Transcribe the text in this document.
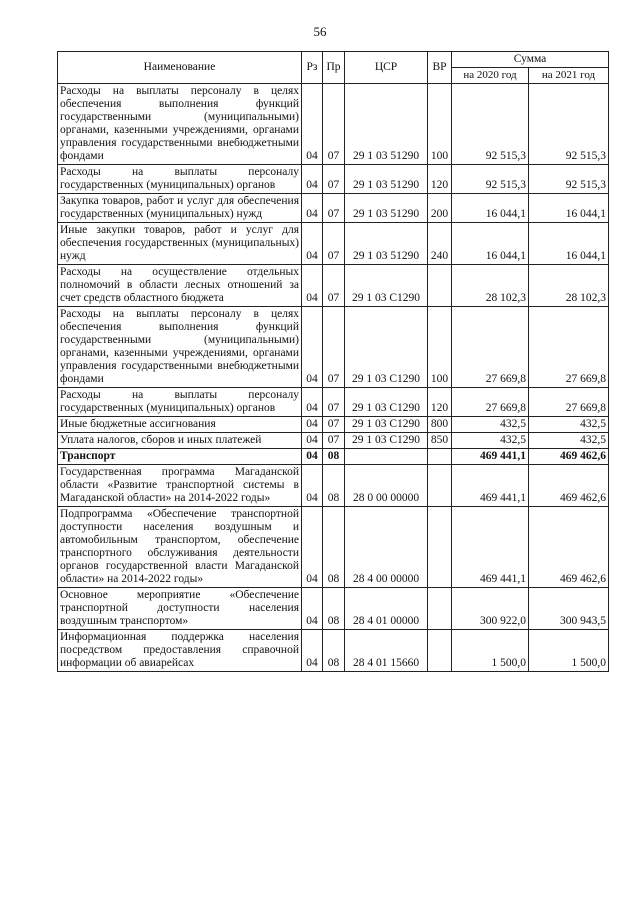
56
Наименование	Рз	Пр	ЦСР	ВР	Сумма	
					на 2020 год	на 2021 год
Расходы на выплаты персоналу в целях обеспечения выполнения функций государственными (муниципальными) органами, казенными учреждениями, органами управления государственными внебюджетными фондами	04	07	29 1 03 51290	100	92 515,3	92 515,3
Расходы на выплаты персоналу государственных (муниципальных) органов	04	07	29 1 03 51290	120	92 515,3	92 515,3
Закупка товаров, работ и услуг для обеспечения государственных (муниципальных) нужд	04	07	29 1 03 51290	200	16 044,1	16 044,1
Иные закупки товаров, работ и услуг для обеспечения государственных (муниципальных) нужд	04	07	29 1 03 51290	240	16 044,1	16 044,1
Расходы на осуществление отдельных полномочий в области лесных отношений за счет средств областного бюджета	04	07	29 1 03 С1290		28 102,3	28 102,3
Расходы на выплаты персоналу в целях обеспечения выполнения функций государственными (муниципальными) органами, казенными учреждениями, органами управления государственными внебюджетными фондами	04	07	29 1 03 С1290	100	27 669,8	27 669,8
Расходы на выплаты персоналу государственных (муниципальных) органов	04	07	29 1 03 С1290	120	27 669,8	27 669,8
Иные бюджетные ассигнования	04	07	29 1 03 С1290	800	432,5	432,5
Уплата налогов, сборов и иных платежей	04	07	29 1 03 С1290	850	432,5	432,5
Транспорт	04	08			469 441,1	469 462,6
Государственная программа Магаданской области «Развитие транспортной системы в Магаданской области» на 2014-2022 годы»	04	08	28 0 00 00000		469 441,1	469 462,6
Подпрограмма «Обеспечение транспортной доступности населения воздушным и автомобильным транспортом, обеспечение транспортного обслуживания деятельности органов государственной власти Магаданской области» на 2014-2022 годы»	04	08	28 4 00 00000		469 441,1	469 462,6
Основное мероприятие «Обеспечение транспортной доступности населения воздушным транспортом»	04	08	28 4 01 00000		300 922,0	300 943,5
Информационная поддержка населения посредством предоставления справочной информации об авиарейсах	04	08	28 4 01 15660		1 500,0	1 500,0
